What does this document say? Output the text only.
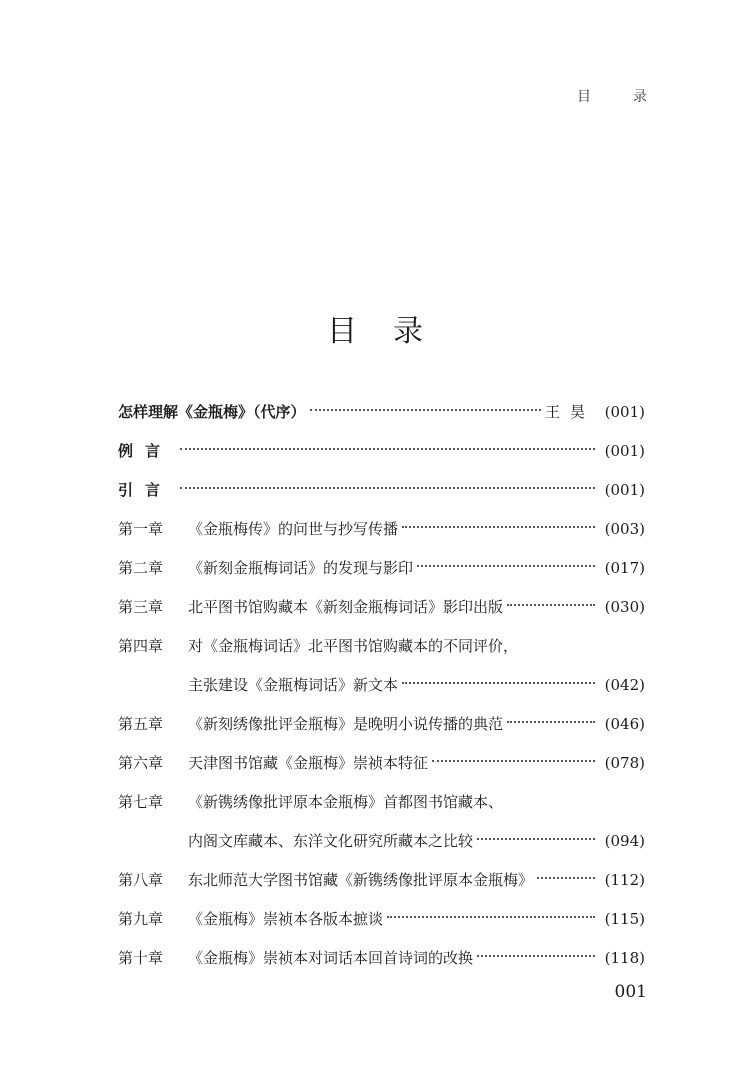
目　录
目录
怎样理解《金瓶梅》（代序）	王昊 (001)
例言	(001)
引言	(001)
第一章	《金瓶梅传》的问世与抄写传播	(003)
第二章	《新刻金瓶梅词话》的发现与影印	(017)
第三章	北平图书馆购藏本《新刻金瓶梅词话》影印出版	(030)
第四章	对《金瓶梅词话》北平图书馆购藏本的不同评价，
主张建设《金瓶梅词话》新文本	(042)
第五章	《新刻绣像批评金瓶梅》是晚明小说传播的典范	(046)
第六章	天津图书馆藏《金瓶梅》崇祯本特征	(078)
第七章	《新镌绣像批评原本金瓶梅》首都图书馆藏本、
内阁文库藏本、东洋文化研究所藏本之比较	(094)
第八章	东北师范大学图书馆藏《新镌绣像批评原本金瓶梅》	(112)
第九章	《金瓶梅》崇祯本各版本摭谈	(115)
第十章	《金瓶梅》崇祯本对词话本回首诗词的改换	(118)
001
